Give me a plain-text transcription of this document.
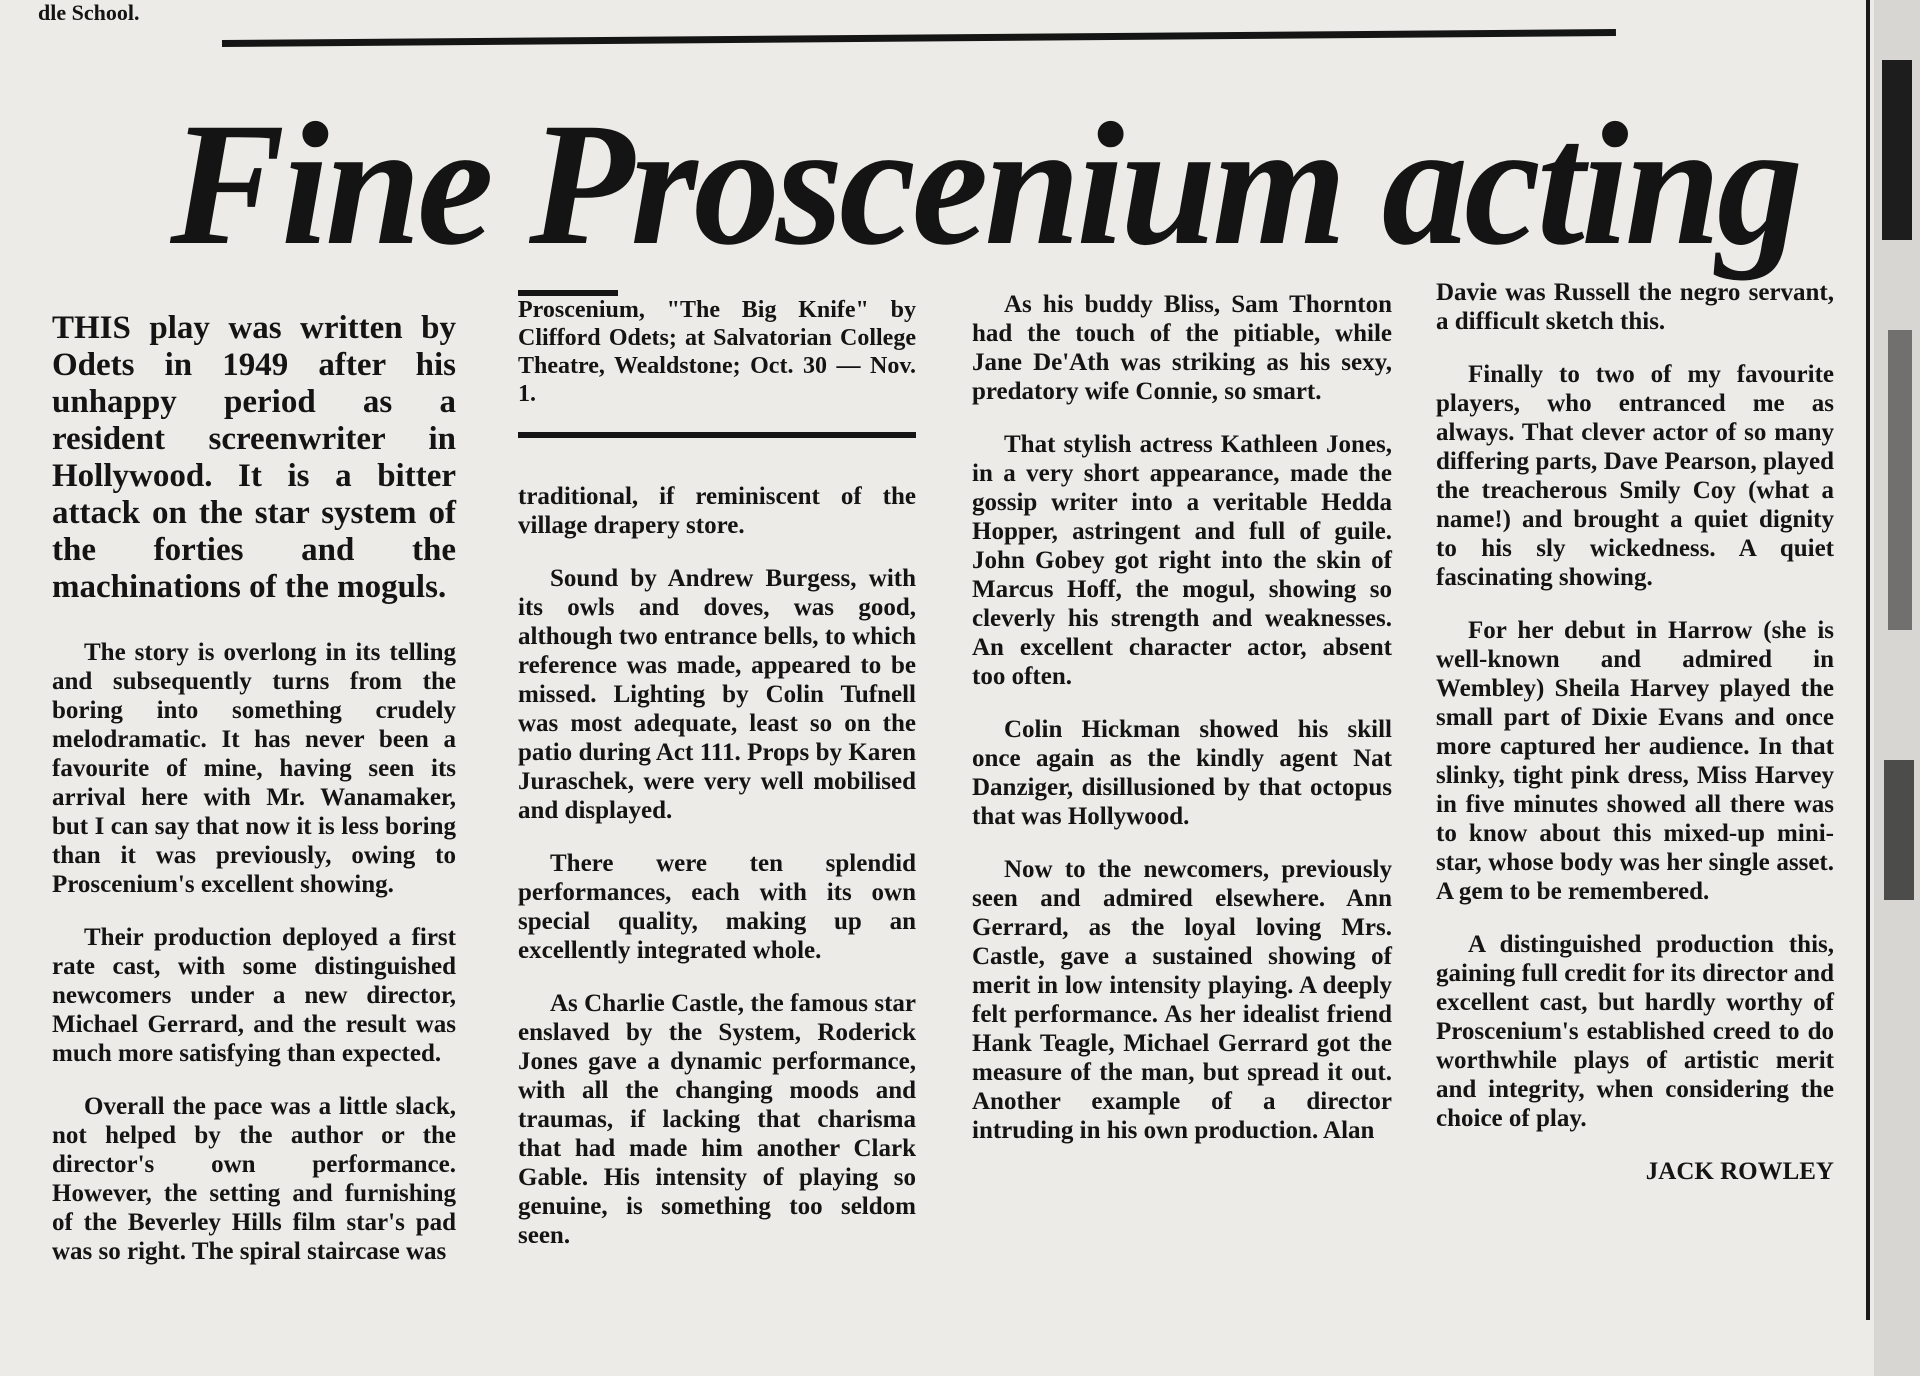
dle School.
Fine Proscenium acting

THIS play was written by Odets in 1949 after his unhappy period as a resident screenwriter in Hollywood. It is a bitter attack on the star system of the forties and the machinations of the moguls.

The story is overlong in its telling and subsequently turns from the boring into something crudely melodramatic. It has never been a favourite of mine, having seen its arrival here with Mr. Wanamaker, but I can say that now it is less boring than it was previously, owing to Proscenium's excellent showing.

Their production deployed a first rate cast, with some distinguished newcomers under a new director, Michael Gerrard, and the result was much more satisfying than expected.

Overall the pace was a little slack, not helped by the author or the director's own performance. However, the setting and furnishing of the Beverley Hills film star's pad was so right. The spiral staircase was

Proscenium, "The Big Knife" by Clifford Odets; at Salvatorian College Theatre, Wealdstone; Oct. 30 — Nov. 1.

traditional, if reminiscent of the village drapery store.

Sound by Andrew Burgess, with its owls and doves, was good, although two entrance bells, to which reference was made, appeared to be missed. Lighting by Colin Tufnell was most adequate, least so on the patio during Act 111. Props by Karen Juraschek, were very well mobilised and displayed.

There were ten splendid performances, each with its own special quality, making up an excellently integrated whole.

As Charlie Castle, the famous star enslaved by the System, Roderick Jones gave a dynamic performance, with all the changing moods and traumas, if lacking that charisma that had made him another Clark Gable. His intensity of playing so genuine, is something too seldom seen.

As his buddy Bliss, Sam Thornton had the touch of the pitiable, while Jane De'Ath was striking as his sexy, predatory wife Connie, so smart.

That stylish actress Kathleen Jones, in a very short appearance, made the gossip writer into a veritable Hedda Hopper, astringent and full of guile. John Gobey got right into the skin of Marcus Hoff, the mogul, showing so cleverly his strength and weaknesses. An excellent character actor, absent too often.

Colin Hickman showed his skill once again as the kindly agent Nat Danziger, disillusioned by that octopus that was Hollywood.

Now to the newcomers, previously seen and admired elsewhere. Ann Gerrard, as the loyal loving Mrs. Castle, gave a sustained showing of merit in low intensity playing. A deeply felt performance. As her idealist friend Hank Teagle, Michael Gerrard got the measure of the man, but spread it out. Another example of a director intruding in his own production. Alan

Davie was Russell the negro servant, a difficult sketch this.

Finally to two of my favourite players, who entranced me as always. That clever actor of so many differing parts, Dave Pearson, played the treacherous Smily Coy (what a name!) and brought a quiet dignity to his sly wickedness. A quiet fascinating showing.

For her debut in Harrow (she is well-known and admired in Wembley) Sheila Harvey played the small part of Dixie Evans and once more captured her audience. In that slinky, tight pink dress, Miss Harvey in five minutes showed all there was to know about this mixed-up mini-star, whose body was her single asset. A gem to be remembered.

A distinguished production this, gaining full credit for its director and excellent cast, but hardly worthy of Proscenium's established creed to do worthwhile plays of artistic merit and integrity, when considering the choice of play.

JACK ROWLEY
